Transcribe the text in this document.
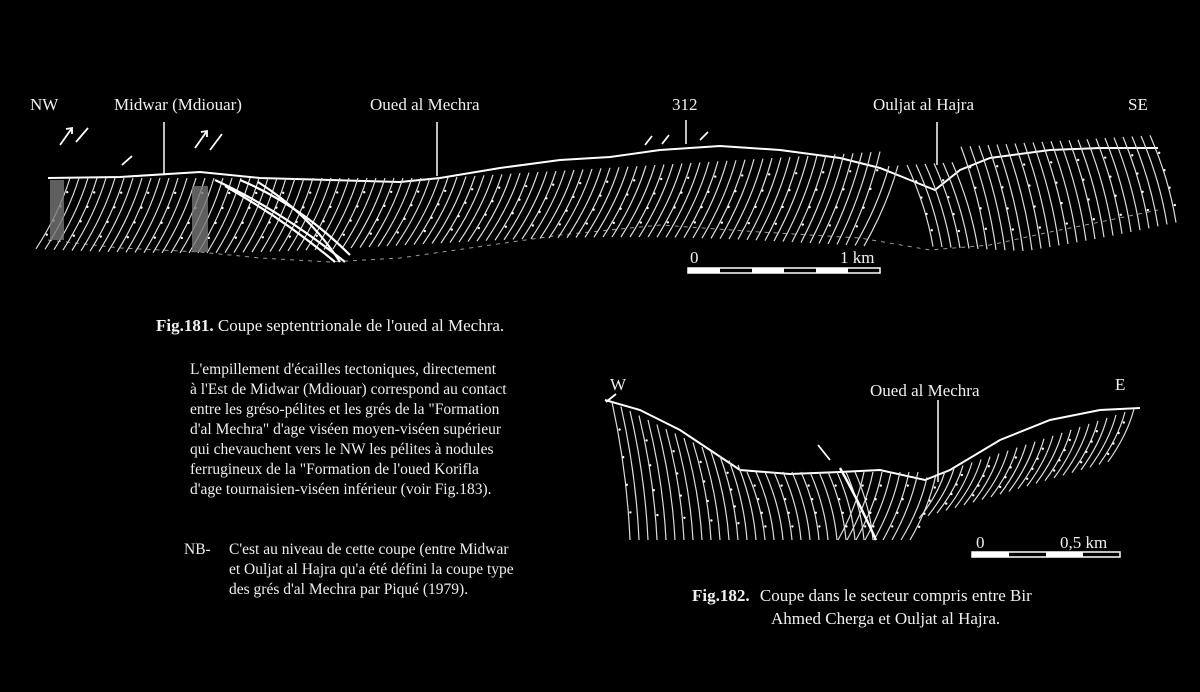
NW	Midwar (Mdiouar)	Oued al Mechra	312	Ouljat al Hajra	SE
0	1 km
Fig.181. Coupe septentrionale de l'oued al Mechra.
L'empillement d'écailles tectoniques, directement
à l'Est de Midwar (Mdiouar) correspond au contact
entre les gréso-pélites et les grés de la "Formation
d'al Mechra" d'age viséen moyen-viséen supérieur
qui chevauchent vers le NW les pélites à nodules
ferrugineux de la "Formation de l'oued Korifla
d'age tournaisien-viséen inférieur (voir Fig.183).
NB- C'est au niveau de cette coupe (entre Midwar
et Ouljat al Hajra qu'a été défini la coupe type
des grés d'al Mechra par Piqué (1979).
W	Oued al Mechra	E
0	0,5 km
Fig.182. Coupe dans le secteur compris entre Bir
Ahmed Cherga et Ouljat al Hajra.
